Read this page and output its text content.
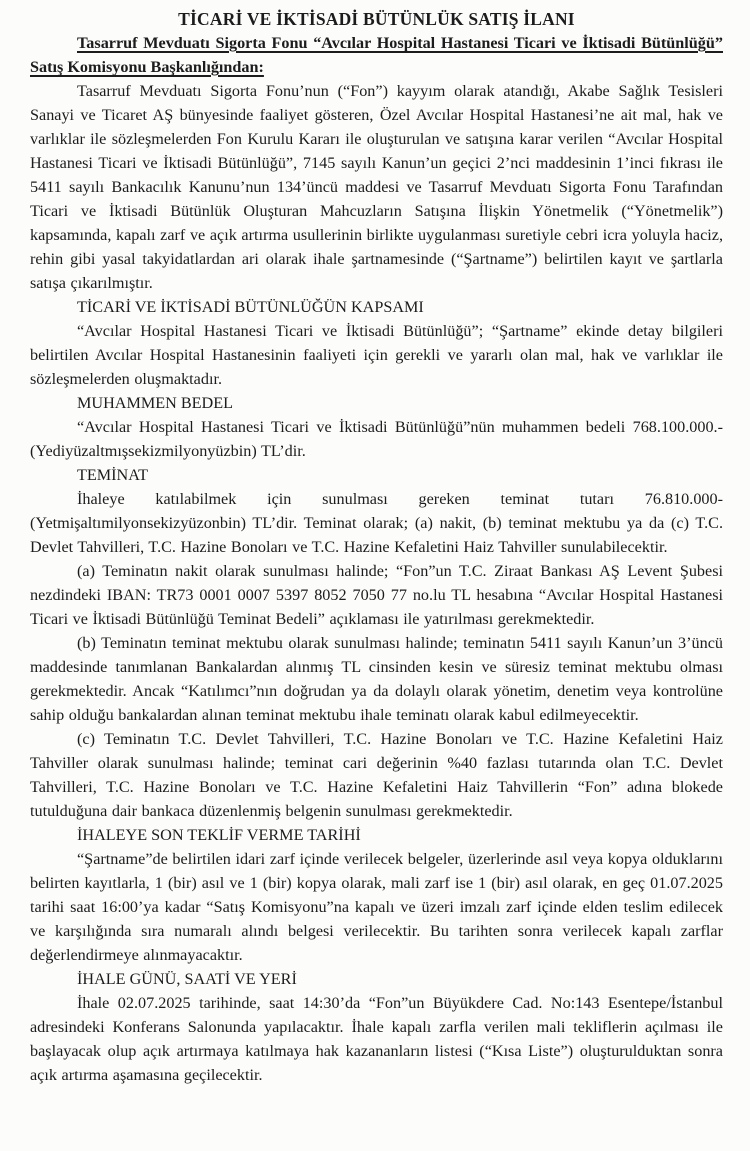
TİCARİ VE İKTİSADİ BÜTÜNLÜK SATIŞ İLANI

Tasarruf Mevduatı Sigorta Fonu “Avcılar Hospital Hastanesi Ticari ve İktisadi Bütünlüğü” Satış Komisyonu Başkanlığından:

Tasarruf Mevduatı Sigorta Fonu’nun (“Fon”) kayyım olarak atandığı, Akabe Sağlık Tesisleri Sanayi ve Ticaret AŞ bünyesinde faaliyet gösteren, Özel Avcılar Hospital Hastanesi’ne ait mal, hak ve varlıklar ile sözleşmelerden Fon Kurulu Kararı ile oluşturulan ve satışına karar verilen “Avcılar Hospital Hastanesi Ticari ve İktisadi Bütünlüğü”, 7145 sayılı Kanun’un geçici 2’nci maddesinin 1’inci fıkrası ile 5411 sayılı Bankacılık Kanunu’nun 134’üncü maddesi ve Tasarruf Mevduatı Sigorta Fonu Tarafından Ticari ve İktisadi Bütünlük Oluşturan Mahcuzların Satışına İlişkin Yönetmelik (“Yönetmelik”) kapsamında, kapalı zarf ve açık artırma usullerinin birlikte uygulanması suretiyle cebri icra yoluyla haciz, rehin gibi yasal takyidatlardan ari olarak ihale şartnamesinde (“Şartname”) belirtilen kayıt ve şartlarla satışa çıkarılmıştır.

TİCARİ VE İKTİSADİ BÜTÜNLÜĞÜN KAPSAMI

“Avcılar Hospital Hastanesi Ticari ve İktisadi Bütünlüğü”; “Şartname” ekinde detay bilgileri belirtilen Avcılar Hospital Hastanesinin faaliyeti için gerekli ve yararlı olan mal, hak ve varlıklar ile sözleşmelerden oluşmaktadır.

MUHAMMEN BEDEL

“Avcılar Hospital Hastanesi Ticari ve İktisadi Bütünlüğü”nün muhammen bedeli 768.100.000.- (Yediyüzaltmışsekizmilyonyüzbin) TL’dir.

TEMİNAT

İhaleye katılabilmek için sunulması gereken teminat tutarı 76.810.000- (Yetmişaltımilyonsekizyüzonbin) TL’dir. Teminat olarak; (a) nakit, (b) teminat mektubu ya da (c) T.C. Devlet Tahvilleri, T.C. Hazine Bonoları ve T.C. Hazine Kefaletini Haiz Tahviller sunulabilecektir.

(a) Teminatın nakit olarak sunulması halinde; “Fon”un T.C. Ziraat Bankası AŞ Levent Şubesi nezdindeki IBAN: TR73 0001 0007 5397 8052 7050 77 no.lu TL hesabına “Avcılar Hospital Hastanesi Ticari ve İktisadi Bütünlüğü Teminat Bedeli” açıklaması ile yatırılması gerekmektedir.

(b) Teminatın teminat mektubu olarak sunulması halinde; teminatın 5411 sayılı Kanun’un 3’üncü maddesinde tanımlanan Bankalardan alınmış TL cinsinden kesin ve süresiz teminat mektubu olması gerekmektedir. Ancak “Katılımcı”nın doğrudan ya da dolaylı olarak yönetim, denetim veya kontrolüne sahip olduğu bankalardan alınan teminat mektubu ihale teminatı olarak kabul edilmeyecektir.

(c) Teminatın T.C. Devlet Tahvilleri, T.C. Hazine Bonoları ve T.C. Hazine Kefaletini Haiz Tahviller olarak sunulması halinde; teminat cari değerinin %40 fazlası tutarında olan T.C. Devlet Tahvilleri, T.C. Hazine Bonoları ve T.C. Hazine Kefaletini Haiz Tahvillerin “Fon” adına blokede tutulduğuna dair bankaca düzenlenmiş belgenin sunulması gerekmektedir.

İHALEYE SON TEKLİF VERME TARİHİ

“Şartname”de belirtilen idari zarf içinde verilecek belgeler, üzerlerinde asıl veya kopya olduklarını belirten kayıtlarla, 1 (bir) asıl ve 1 (bir) kopya olarak, mali zarf ise 1 (bir) asıl olarak, en geç 01.07.2025 tarihi saat 16:00’ya kadar “Satış Komisyonu”na kapalı ve üzeri imzalı zarf içinde elden teslim edilecek ve karşılığında sıra numaralı alındı belgesi verilecektir. Bu tarihten sonra verilecek kapalı zarflar değerlendirmeye alınmayacaktır.

İHALE GÜNÜ, SAATİ VE YERİ

İhale 02.07.2025 tarihinde, saat 14:30’da “Fon”un Büyükdere Cad. No:143 Esentepe/İstanbul adresindeki Konferans Salonunda yapılacaktır. İhale kapalı zarfla verilen mali tekliflerin açılması ile başlayacak olup açık artırmaya katılmaya hak kazananların listesi (“Kısa Liste”) oluşturulduktan sonra açık artırma aşamasına geçilecektir.
